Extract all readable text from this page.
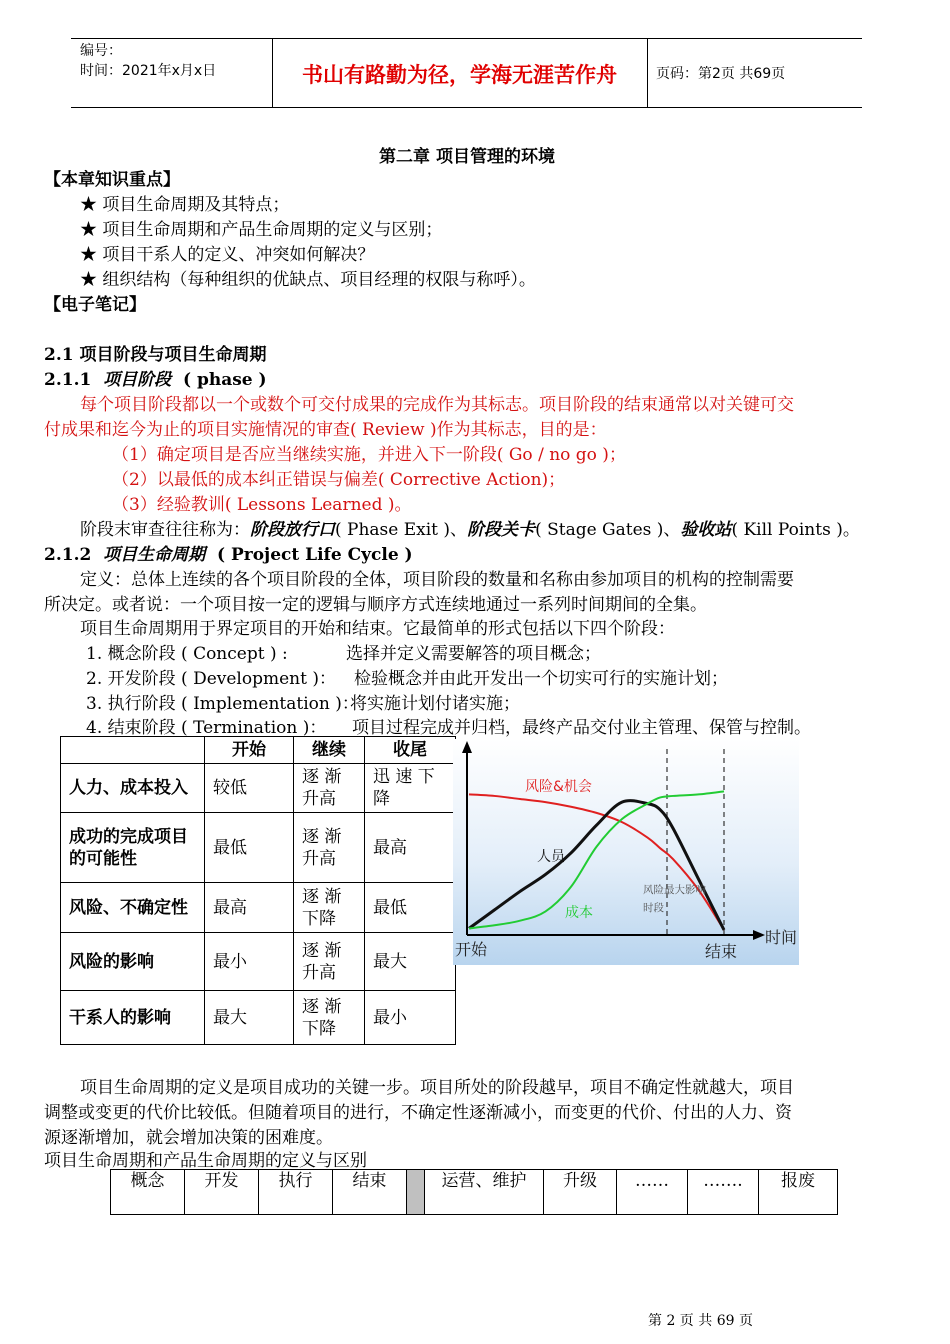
编号：
时间：2021年x月x日	书山有路勤为径，学海无涯苦作舟	页码：第2页 共69页
第二章 项目管理的环境
【本章知识重点】
★ 项目生命周期及其特点；
★ 项目生命周期和产品生命周期的定义与区别；
★ 项目干系人的定义、冲突如何解决？
★ 组织结构（每种组织的优缺点、项目经理的权限与称呼）。
【电子笔记】
2.1 项目阶段与项目生命周期
2.1.1 项目阶段 ( phase )
每个项目阶段都以一个或数个可交付成果的完成作为其标志。项目阶段的结束通常以对关键可交
付成果和迄今为止的项目实施情况的审查( Review )作为其标志，目的是：
（1）确定项目是否应当继续实施，并进入下一阶段( Go / no go )；
（2）以最低的成本纠正错误与偏差( Corrective Action)；
（3）经验教训( Lessons Learned )。
阶段末审查往往称为：阶段放行口( Phase Exit )、阶段关卡( Stage Gates )、验收站( Kill Points )。
2.1.2 项目生命周期 ( Project Life Cycle )
定义：总体上连续的各个项目阶段的全体，项目阶段的数量和名称由参加项目的机构的控制需要
所决定。或者说：一个项目按一定的逻辑与顺序方式连续地通过一系列时间期间的全集。
项目生命周期用于界定项目的开始和结束。它最简单的形式包括以下四个阶段：
1. 概念阶段 ( Concept ) :	选择并定义需要解答的项目概念；
2. 开发阶段 ( Development )： 检验概念并由此开发出一个切实可行的实施计划；
3. 执行阶段 ( Implementation )：
将实施计划付诸实施；
4. 结束阶段 ( Termination )： 项目过程完成并归档，最终产品交付业主管理、保管与控制。
	开始	继续	收尾
人力、成本投入	较低	逐 渐 升高	迅 速 下降
成功的完成项目的可能性	最低	逐 渐 升高	最高
风险、不确定性	最高	逐 渐 下降	最低
风险的影响	最小	逐 渐 升高	最大
干系人的影响	最大	逐 渐 下降	最小
风险&机会
人员
成本
风险最大影响
时段
开始	结束
时间
项目生命周期的定义是项目成功的关键一步。项目所处的阶段越早，项目不确定性就越大，项目
调整或变更的代价比较低。但随着项目的进行，不确定性逐渐减小，而变更的代价、付出的人力、资
源逐渐增加，就会增加决策的困难度。
项目生命周期和产品生命周期的定义与区别
概念	开发	执行	结束		运营、维护	升级	……	…….	报废
第 2 页 共 69 页
